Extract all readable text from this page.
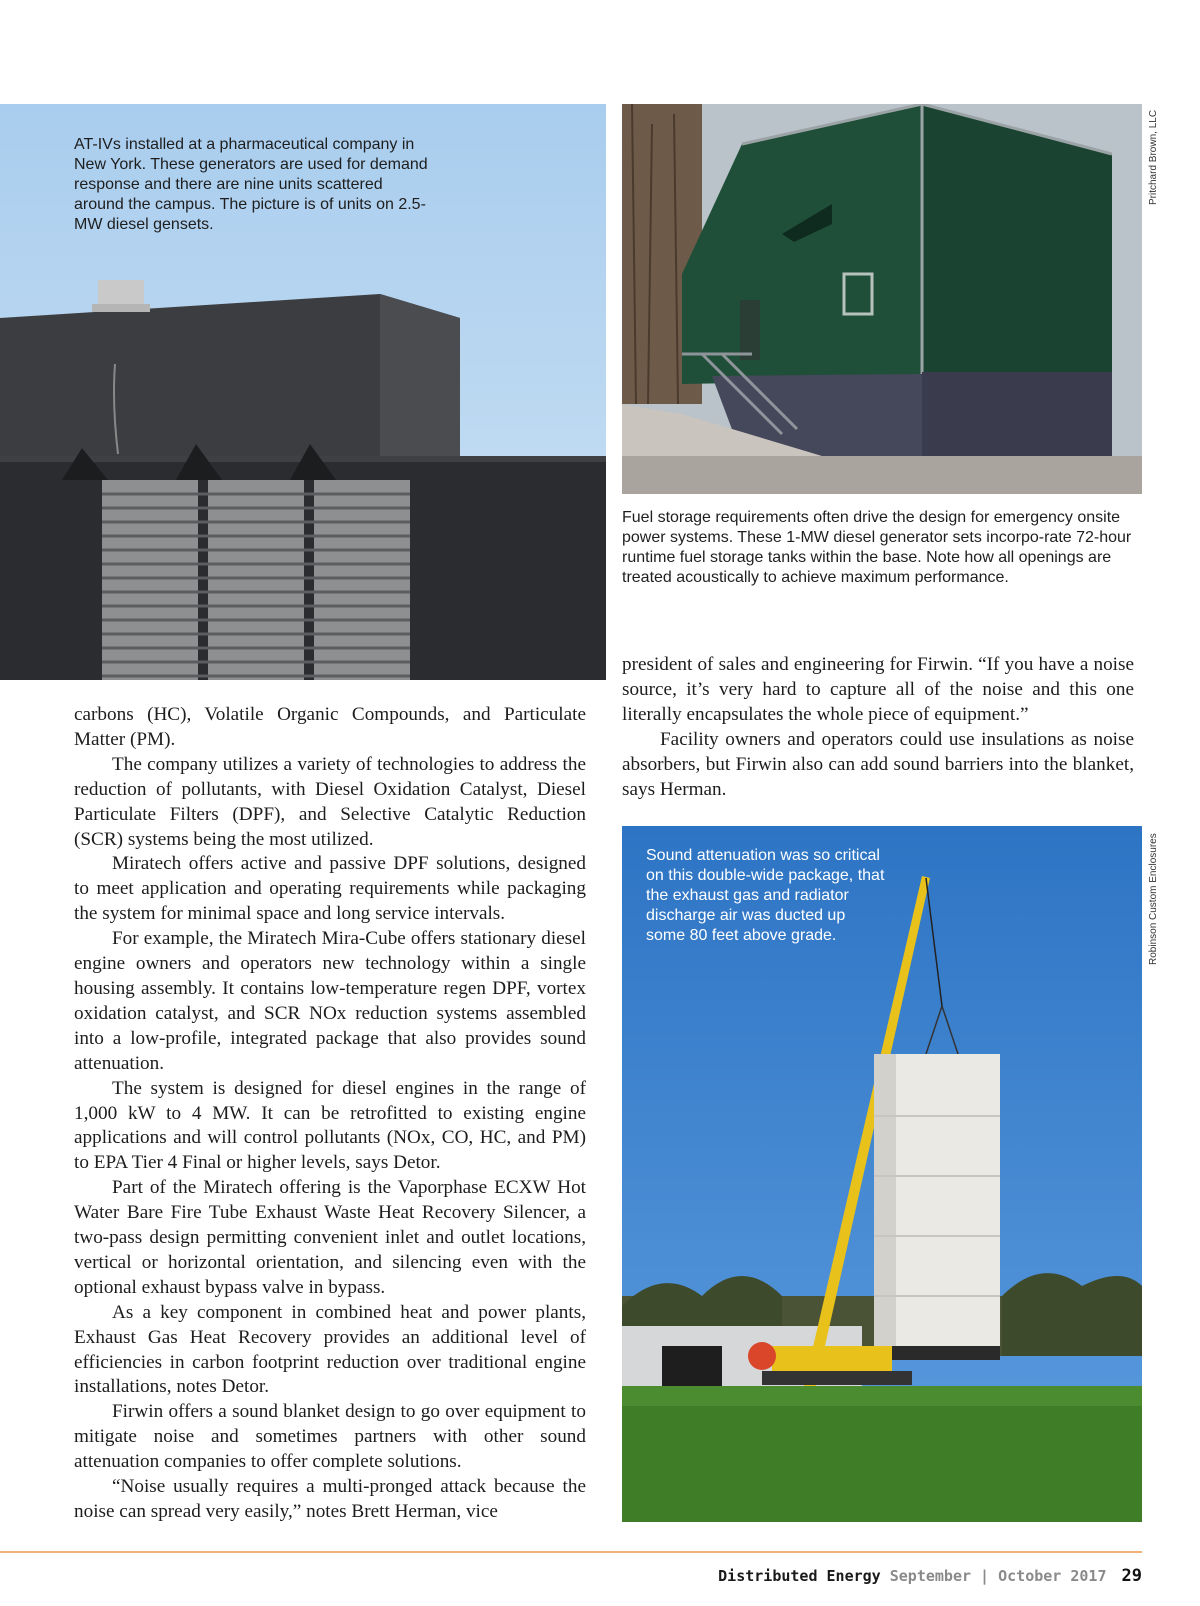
AT-IVs installed at a pharmaceutical company in New York. These generators are used for demand response and there are nine units scattered around the campus. The picture is of units on 2.5-MW diesel gensets.
Fuel storage requirements often drive the design for emergency onsite power systems. These 1-MW diesel generator sets incorpo-rate 72-hour runtime fuel storage tanks within the base. Note how all openings are treated acoustically to achieve maximum performance.
Pritchard Brown, LLC
Sound attenuation was so critical on this double-wide package, that the exhaust gas and radiator discharge air was ducted up some 80 feet above grade.	Robinson Custom Enclosures

carbons (HC), Volatile Organic Compounds, and Particulate Matter (PM).

The company utilizes a variety of technologies to address the reduction of pollutants, with Diesel Oxidation Catalyst, Diesel Particulate Filters (DPF), and Selective Catalytic Reduction (SCR) systems being the most utilized.

Miratech offers active and passive DPF solutions, designed to meet application and operating requirements while packaging the system for minimal space and long service intervals.

For example, the Miratech Mira-Cube offers stationary diesel engine owners and operators new technology within a single housing assembly. It contains low-temperature regen DPF, vortex oxidation catalyst, and SCR NOx reduction systems assembled into a low-profile, integrated package that also provides sound attenuation.

The system is designed for diesel engines in the range of 1,000 kW to 4 MW. It can be retrofitted to existing engine applications and will control pollutants (NOx, CO, HC, and PM) to EPA Tier 4 Final or higher levels, says Detor.

Part of the Miratech offering is the Vaporphase ECXW Hot Water Bare Fire Tube Exhaust Waste Heat Recovery Silencer, a two-pass design permitting convenient inlet and outlet locations, vertical or horizontal orientation, and silencing even with the optional exhaust bypass valve in bypass.

As a key component in combined heat and power plants, Exhaust Gas Heat Recovery provides an additional level of efficiencies in carbon footprint reduction over traditional engine installations, notes Detor.

Firwin offers a sound blanket design to go over equipment to mitigate noise and sometimes partners with other sound attenuation companies to offer complete solutions.

“Noise usually requires a multi-pronged attack because the noise can spread very easily,” notes Brett Herman, vice

president of sales and engineering for Firwin. “If you have a noise source, it’s very hard to capture all of the noise and this one literally encapsulates the whole piece of equipment.”

Facility owners and operators could use insulations as noise absorbers, but Firwin also can add sound barriers into the blanket, says Herman.

Distributed Energy September | October 2017 29
